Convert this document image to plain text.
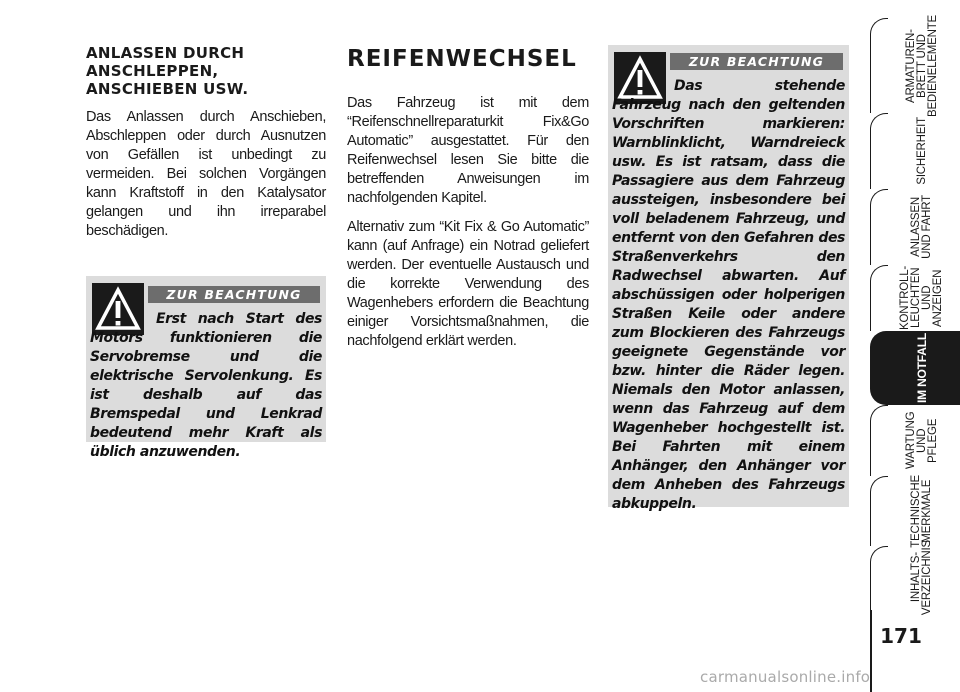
ANLASSEN DURCH
ANSCHLEPPEN,
ANSCHIEBEN USW.

Das Anlassen durch Anschieben, Abschleppen oder durch Ausnutzen von Gefällen ist unbedingt zu vermeiden. Bei solchen Vorgängen kann Kraftstoff in den Katalysator gelangen und ihn irreparabel beschädigen.

ZUR BEACHTUNG

Erst nach Start des Motors funktionieren die Servobremse und die elektrische Servolenkung. Es ist deshalb auf das Bremspedal und Lenkrad bedeutend mehr Kraft als üblich anzuwenden.

REIFENWECHSEL

Das Fahrzeug ist mit dem “Reifenschnellreparaturkit Fix&Go Automatic” ausgestattet. Für den Reifenwechsel lesen Sie bitte die betreffenden Anweisungen im nachfolgenden Kapitel.

Alternativ zum “Kit Fix & Go Automatic” kann (auf Anfrage) ein Notrad geliefert werden. Der eventuelle Austausch und die korrekte Verwendung des Wagenhebers erfordern die Beachtung einiger Vorsichtsmaßnahmen, die nachfolgend erklärt werden.

ZUR BEACHTUNG

Das stehende Fahrzeug nach den geltenden Vorschriften markieren: Warnblinklicht, Warndreieck usw. Es ist ratsam, dass die Passagiere aus dem Fahrzeug aussteigen, insbesondere bei voll beladenem Fahrzeug, und entfernt von den Gefahren des Straßenverkehrs den Radwechsel abwarten. Auf abschüssigen oder holperigen Straßen Keile oder andere zum Blockieren des Fahrzeugs geeignete Gegenstände vor bzw. hinter die Räder legen. Niemals den Motor anlassen, wenn das Fahrzeug auf dem Wagenheber hochgestellt ist. Bei Fahrten mit einem Anhänger, den Anhänger vor dem Anheben des Fahrzeugs abkuppeln.

ARMATUREN-
BRETT UND
BEDIENELEMENTE
SICHERHEIT
ANLASSEN
UND FAHRT
KONTROLL-
LEUCHTEN
UND ANZEIGEN
IM NOTFALL
WARTUNG
UND PFLEGE
TECHNISCHE
MERKMALE
INHALTS-
VERZEICHNIS
171
carmanualsonline.info
